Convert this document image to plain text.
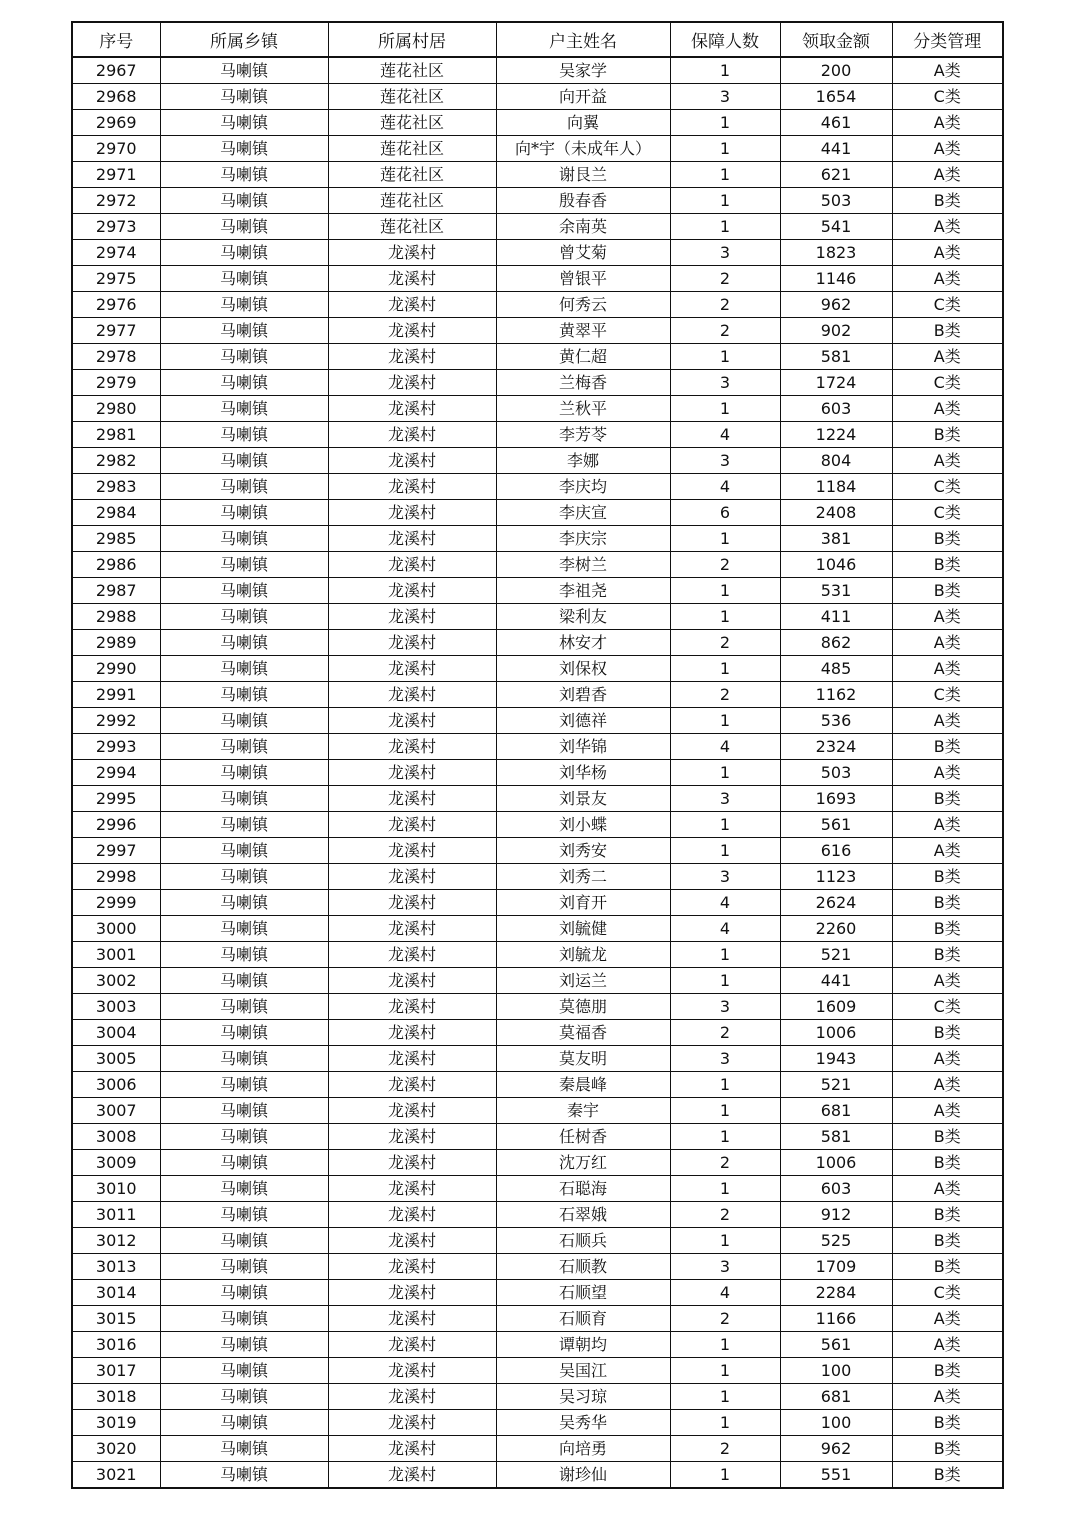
序号	所属乡镇	所属村居	户主姓名	保障人数	领取金额	分类管理
2967	马喇镇	莲花社区	吴家学	1	200	A类
2968	马喇镇	莲花社区	向开益	3	1654	C类
2969	马喇镇	莲花社区	向翼	1	461	A类
2970	马喇镇	莲花社区	向*宇（未成年人）	1	441	A类
2971	马喇镇	莲花社区	谢艮兰	1	621	A类
2972	马喇镇	莲花社区	殷春香	1	503	B类
2973	马喇镇	莲花社区	余南英	1	541	A类
2974	马喇镇	龙溪村	曾艾菊	3	1823	A类
2975	马喇镇	龙溪村	曾银平	2	1146	A类
2976	马喇镇	龙溪村	何秀云	2	962	C类
2977	马喇镇	龙溪村	黄翠平	2	902	B类
2978	马喇镇	龙溪村	黄仁超	1	581	A类
2979	马喇镇	龙溪村	兰梅香	3	1724	C类
2980	马喇镇	龙溪村	兰秋平	1	603	A类
2981	马喇镇	龙溪村	李芳苓	4	1224	B类
2982	马喇镇	龙溪村	李娜	3	804	A类
2983	马喇镇	龙溪村	李庆均	4	1184	C类
2984	马喇镇	龙溪村	李庆宣	6	2408	C类
2985	马喇镇	龙溪村	李庆宗	1	381	B类
2986	马喇镇	龙溪村	李树兰	2	1046	B类
2987	马喇镇	龙溪村	李祖尧	1	531	B类
2988	马喇镇	龙溪村	梁利友	1	411	A类
2989	马喇镇	龙溪村	林安才	2	862	A类
2990	马喇镇	龙溪村	刘保权	1	485	A类
2991	马喇镇	龙溪村	刘碧香	2	1162	C类
2992	马喇镇	龙溪村	刘德祥	1	536	A类
2993	马喇镇	龙溪村	刘华锦	4	2324	B类
2994	马喇镇	龙溪村	刘华杨	1	503	A类
2995	马喇镇	龙溪村	刘景友	3	1693	B类
2996	马喇镇	龙溪村	刘小蝶	1	561	A类
2997	马喇镇	龙溪村	刘秀安	1	616	A类
2998	马喇镇	龙溪村	刘秀二	3	1123	B类
2999	马喇镇	龙溪村	刘育开	4	2624	B类
3000	马喇镇	龙溪村	刘毓健	4	2260	B类
3001	马喇镇	龙溪村	刘毓龙	1	521	B类
3002	马喇镇	龙溪村	刘运兰	1	441	A类
3003	马喇镇	龙溪村	莫德朋	3	1609	C类
3004	马喇镇	龙溪村	莫福香	2	1006	B类
3005	马喇镇	龙溪村	莫友明	3	1943	A类
3006	马喇镇	龙溪村	秦晨峰	1	521	A类
3007	马喇镇	龙溪村	秦宇	1	681	A类
3008	马喇镇	龙溪村	任树香	1	581	B类
3009	马喇镇	龙溪村	沈万红	2	1006	B类
3010	马喇镇	龙溪村	石聪海	1	603	A类
3011	马喇镇	龙溪村	石翠娥	2	912	B类
3012	马喇镇	龙溪村	石顺兵	1	525	B类
3013	马喇镇	龙溪村	石顺教	3	1709	B类
3014	马喇镇	龙溪村	石顺望	4	2284	C类
3015	马喇镇	龙溪村	石顺育	2	1166	A类
3016	马喇镇	龙溪村	谭朝均	1	561	A类
3017	马喇镇	龙溪村	吴国江	1	100	B类
3018	马喇镇	龙溪村	吴习琼	1	681	A类
3019	马喇镇	龙溪村	吴秀华	1	100	B类
3020	马喇镇	龙溪村	向培勇	2	962	B类
3021	马喇镇	龙溪村	谢珍仙	1	551	B类
